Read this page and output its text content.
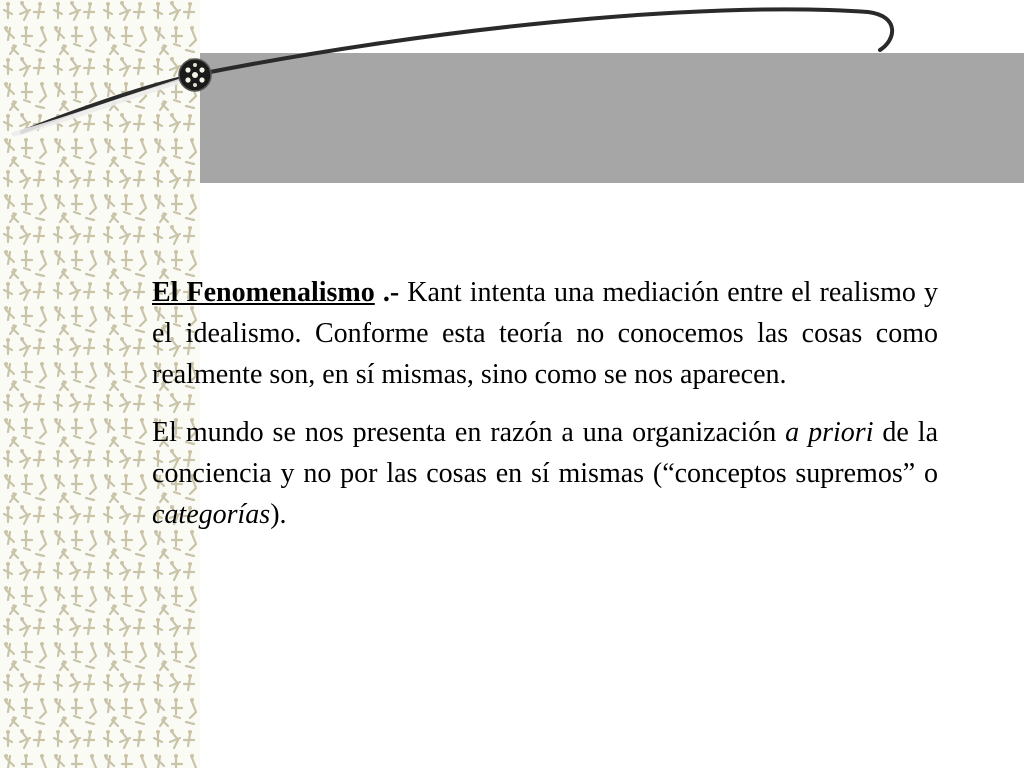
El Fenomenalismo .- Kant intenta una mediación entre el realismo y el idealismo. Conforme esta teoría no conocemos las cosas como realmente son, en sí mismas, sino como se nos aparecen.

El mundo se nos presenta en razón a una organización a priori de la conciencia y no por las cosas en sí mismas (“conceptos supremos” o categorías).
